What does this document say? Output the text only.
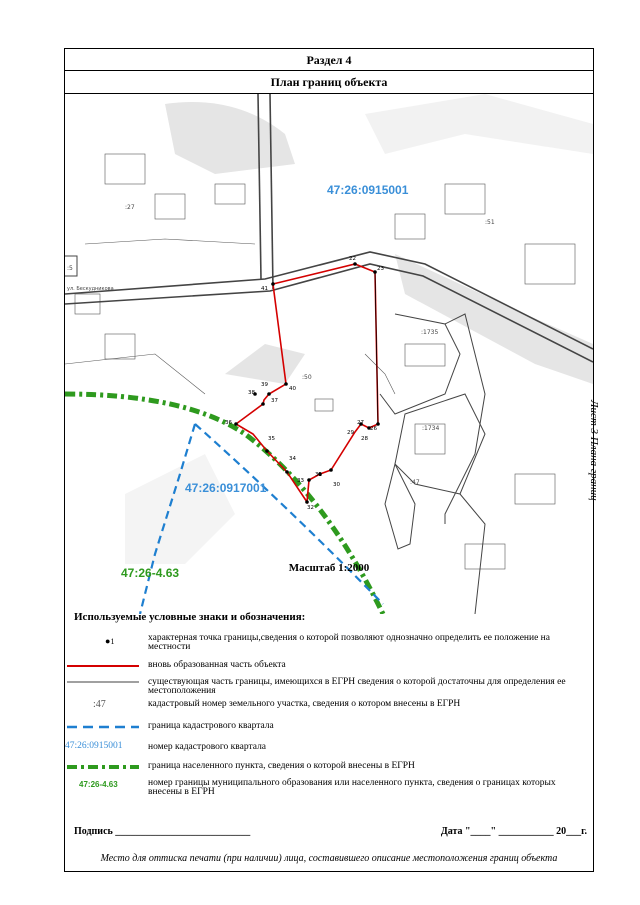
Раздел 4
План границ объекта
22
23
41
39
38
37
40
36
35
34
33
32
31
30
29
28
27
26
:27
:51
:50
:1735
:1734
:47
:5
ул. Бескудникова
47:26:0915001
47:26:0917001
47:26-4.63	Масштаб 1:2000
Используемые условные знаки и обозначения:
●1	характерная точка границы,сведения о которой позволяют однозначно определить ее положение на местности
вновь образованная часть объекта
существующая часть границы, имеющихся в ЕГРН сведения о которой достаточны для определения ее местоположения
:47	кадастровый номер земельного участка, сведения о котором внесены в ЕГРН
граница кадастрового квартала
47:26:0915001	номер кадастрового квартала
граница населенного пункта, сведения о которой внесены в ЕГРН
47:26-4.63	номер границы муниципального образования или населенного пункта, сведения о границах которых внесены в ЕГРН
Подпись ___________________________	Дата "____" ___________ 20___г.
Место для оттиска печати (при наличии) лица, составившего описание местоположения границ объекта
Лист 3 Плана границ
